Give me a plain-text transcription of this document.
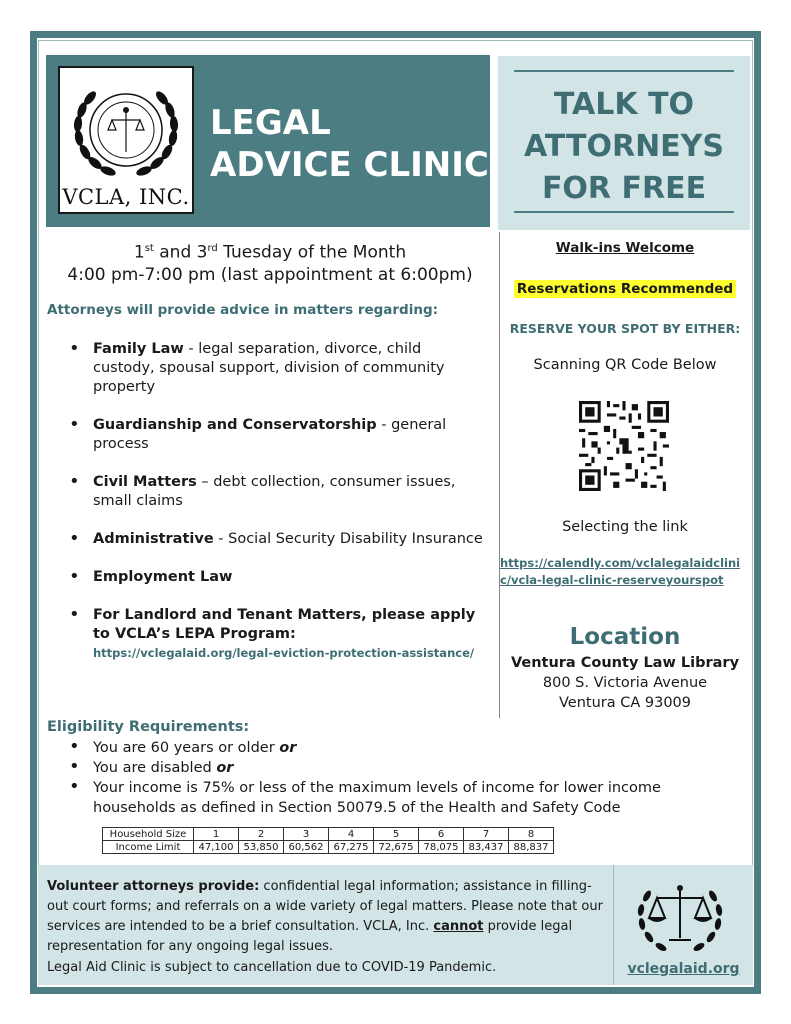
VCLA, INC.
LEGAL
ADVICE CLINIC
TALK TO
ATTORNEYS
FOR FREE
1st and 3rd Tuesday of the Month
4:00 pm-7:00 pm (last appointment at 6:00pm)
Attorneys will provide advice in matters regarding:
• Family Law - legal separation, divorce, child custody, spousal support, division of community property
• Guardianship and Conservatorship - general process
• Civil Matters – debt collection, consumer issues, small claims
• Administrative - Social Security Disability Insurance
• Employment Law
• For Landlord and Tenant Matters, please apply to VCLA’s LEPA Program:
https://vclegalaid.org/legal-eviction-protection-assistance/
Walk-ins Welcome
Reservations Recommended
RESERVE YOUR SPOT BY EITHER:
Scanning QR Code Below
Selecting the link
https://calendly.com/vclalegalaidclinic/vcla-legal-clinic-reserveyourspot
Location
Ventura County Law Library
800 S. Victoria Avenue
Ventura CA 93009
Eligibility Requirements:
• You are 60 years or older or
• You are disabled or
• Your income is 75% or less of the maximum levels of income for lower income households as defined in Section 50079.5 of the Health and Safety Code
Household Size	1	2	3	4	5	6	7	8
Income Limit	47,100	53,850	60,562	67,275	72,675	78,075	83,437	88,837
Volunteer attorneys provide: confidential legal information; assistance in filling-out court forms; and referrals on a wide variety of legal matters. Please note that our services are intended to be a brief consultation. VCLA, Inc. cannot provide legal representation for any ongoing legal issues.
Legal Aid Clinic is subject to cancellation due to COVID-19 Pandemic.	vclegalaid.org
